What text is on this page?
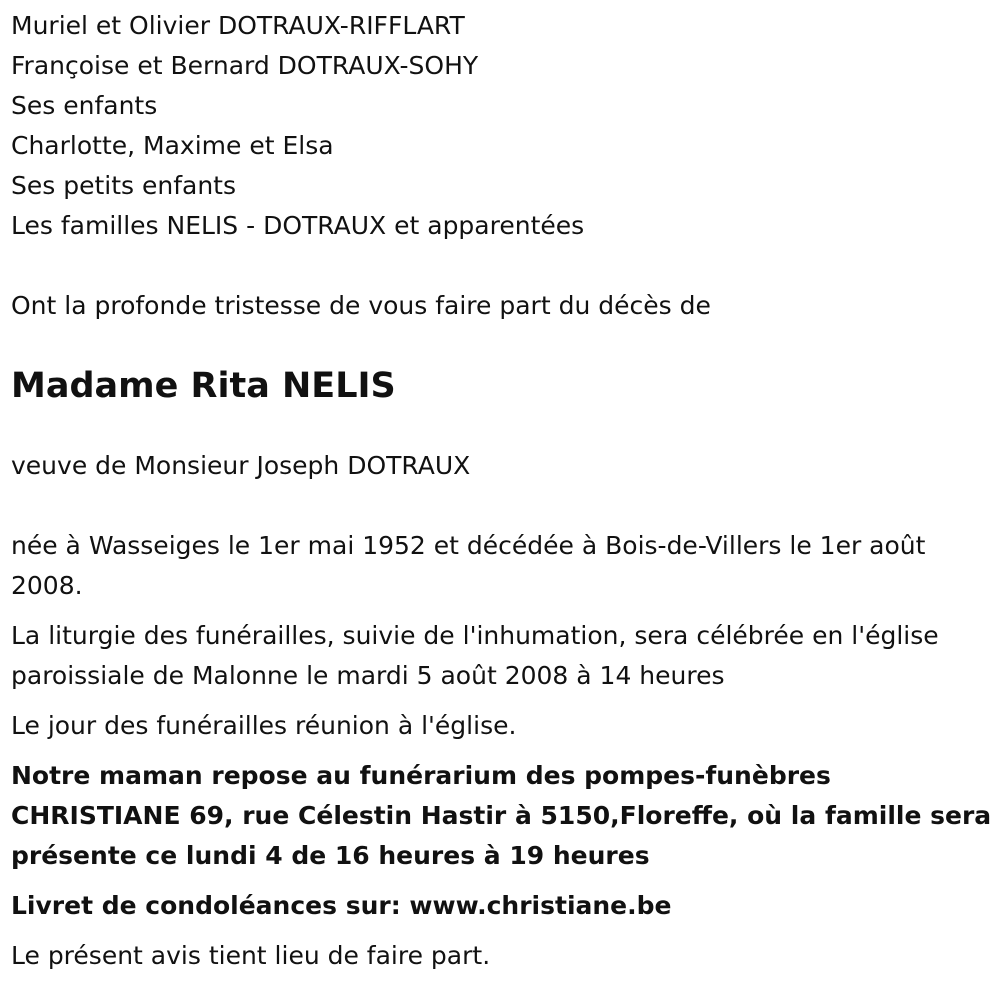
Muriel et Olivier DOTRAUX-RIFFLART

Françoise et Bernard DOTRAUX-SOHY

Ses enfants

Charlotte, Maxime et Elsa

Ses petits enfants

Les familles NELIS - DOTRAUX et apparentées

Ont la profonde tristesse de vous faire part du décès de

Madame Rita NELIS

veuve de Monsieur Joseph DOTRAUX

née à Wasseiges le 1er mai 1952 et décédée à Bois-de-Villers le 1er août

2008.

La liturgie des funérailles, suivie de l'inhumation, sera célébrée en l'église

paroissiale de Malonne le mardi 5 août 2008 à 14 heures

Le jour des funérailles réunion à l'église.

Notre maman repose au funérarium des pompes-funèbres

CHRISTIANE 69, rue Célestin Hastir à 5150,Floreffe, où la famille sera

présente ce lundi 4 de 16 heures à 19 heures

Livret de condoléances sur: www.christiane.be

Le présent avis tient lieu de faire part.
